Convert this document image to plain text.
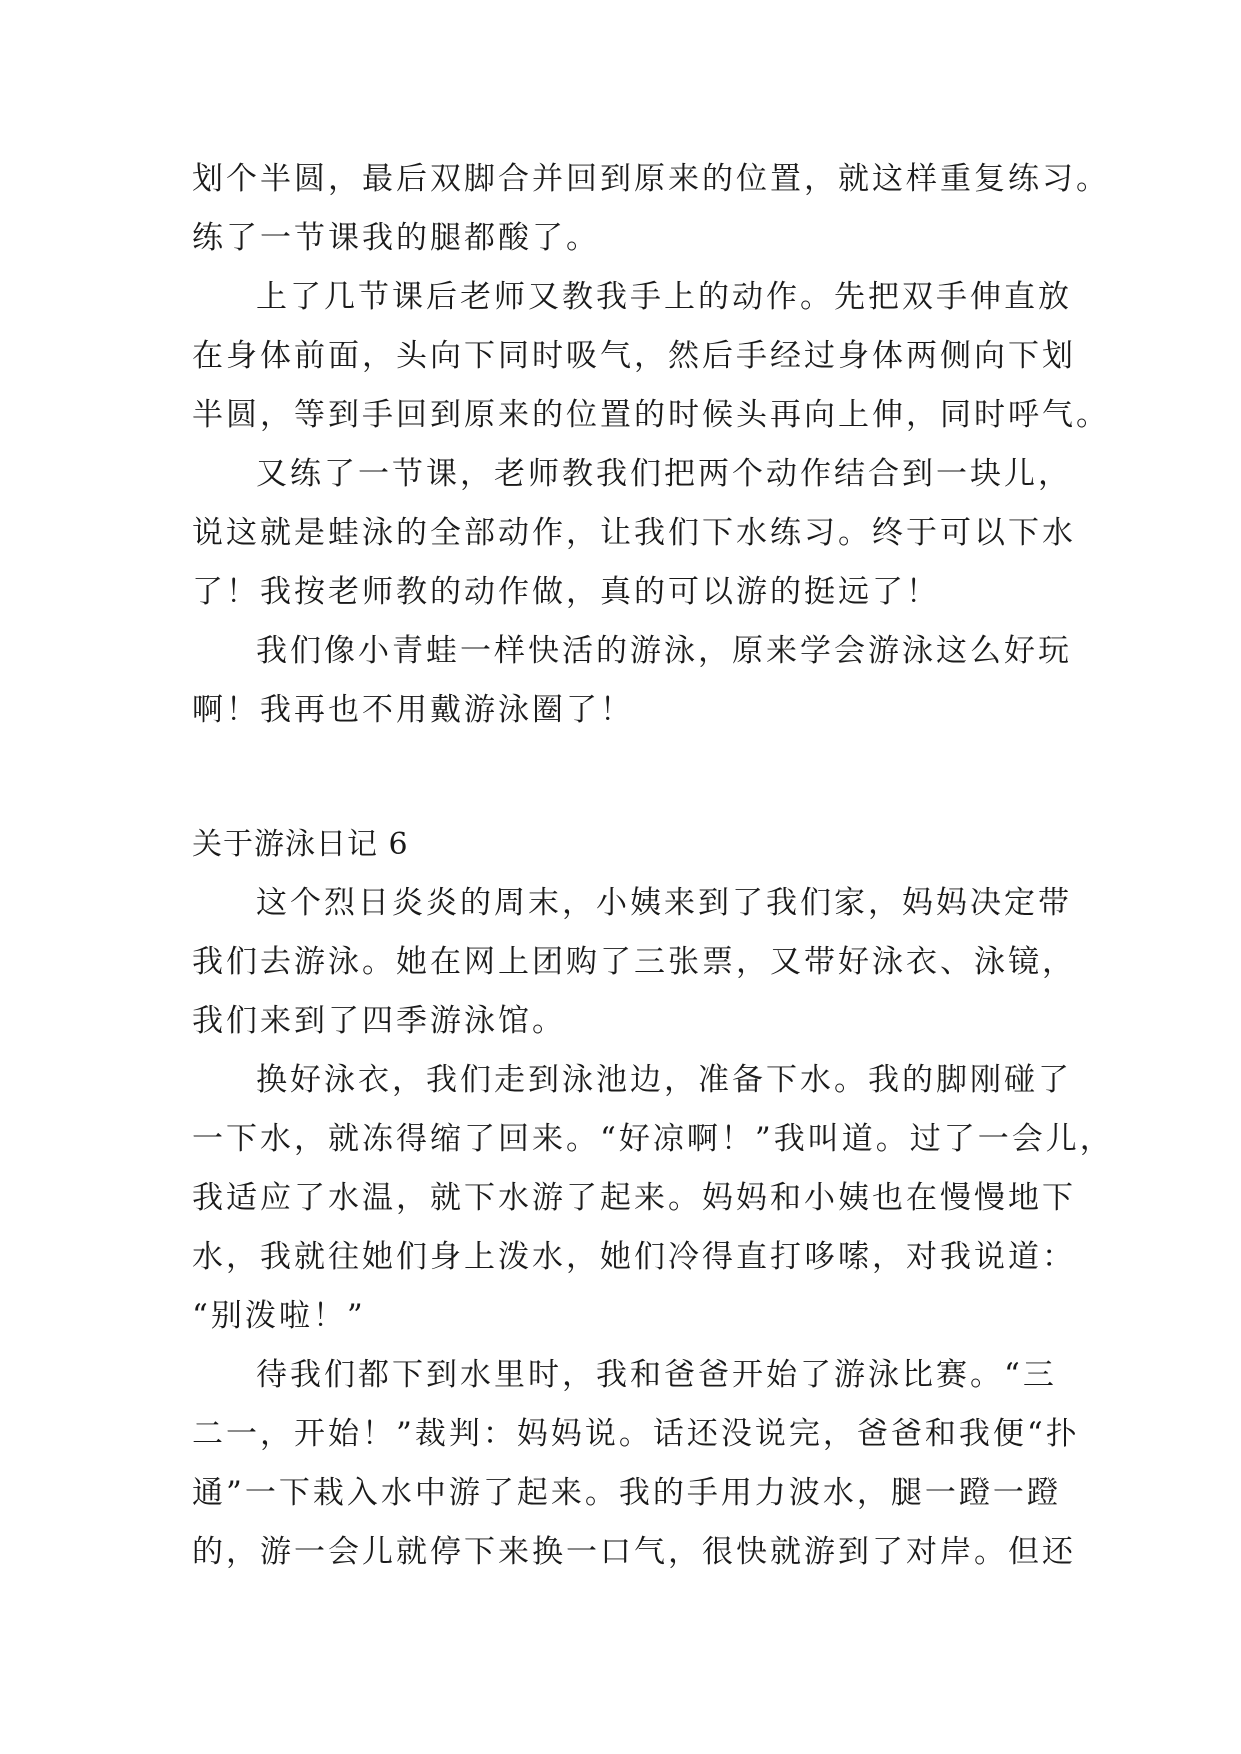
划个半圆，最后双脚合并回到原来的位置，就这样重复练习。
练了一节课我的腿都酸了。
上了几节课后老师又教我手上的动作。先把双手伸直放
在身体前面，头向下同时吸气，然后手经过身体两侧向下划
半圆，等到手回到原来的位置的时候头再向上伸，同时呼气。
又练了一节课，老师教我们把两个动作结合到一块儿，
说这就是蛙泳的全部动作，让我们下水练习。终于可以下水
了！我按老师教的动作做，真的可以游的挺远了！
我们像小青蛙一样快活的游泳，原来学会游泳这么好玩
啊！我再也不用戴游泳圈了！
关于游泳日记 6
这个烈日炎炎的周末，小姨来到了我们家，妈妈决定带
我们去游泳。她在网上团购了三张票，又带好泳衣、泳镜，
我们来到了四季游泳馆。
换好泳衣，我们走到泳池边，准备下水。我的脚刚碰了
一下水，就冻得缩了回来。“好凉啊！”我叫道。过了一会儿，
我适应了水温，就下水游了起来。妈妈和小姨也在慢慢地下
水，我就往她们身上泼水，她们冷得直打哆嗦，对我说道：
“别泼啦！”
待我们都下到水里时，我和爸爸开始了游泳比赛。“三
二一，开始！”裁判：妈妈说。话还没说完，爸爸和我便“扑
通”一下栽入水中游了起来。我的手用力波水，腿一蹬一蹬
的，游一会儿就停下来换一口气，很快就游到了对岸。但还
